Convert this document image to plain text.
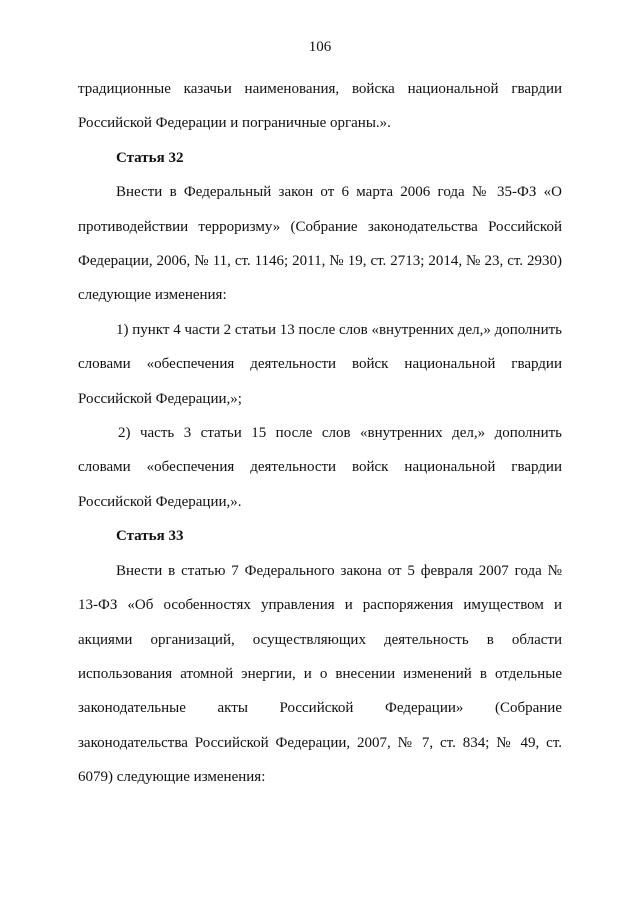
106

традиционные казачьи наименования, войска национальной гвардии Российской Федерации и пограничные органы.».

Статья 32

Внести в Федеральный закон от 6 марта 2006 года № 35-ФЗ «О противодействии терроризму» (Собрание законодательства Российской Федерации, 2006, № 11, ст. 1146; 2011, № 19, ст. 2713; 2014, № 23, ст. 2930) следующие изменения:

1) пункт 4 части 2 статьи 13 после слов «внутренних дел,» дополнить словами «обеспечения деятельности войск национальной гвардии Российской Федерации,»;

2) часть 3 статьи 15 после слов «внутренних дел,» дополнить словами «обеспечения деятельности войск национальной гвардии Российской Федерации,».

Статья 33

Внести в статью 7 Федерального закона от 5 февраля 2007 года № 13-ФЗ «Об особенностях управления и распоряжения имуществом и акциями организаций, осуществляющих деятельность в области использования атомной энергии, и о внесении изменений в отдельные законодательные акты Российской Федерации» (Собрание законодательства Российской Федерации, 2007, № 7, ст. 834; № 49, ст. 6079) следующие изменения:
